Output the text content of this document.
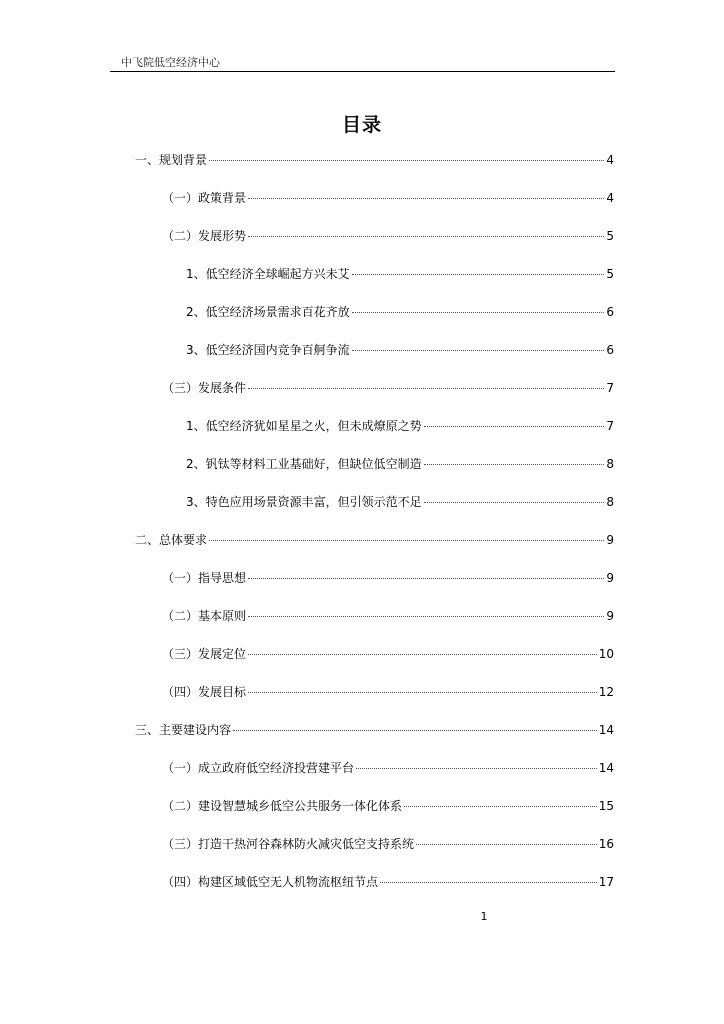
中飞院低空经济中心
目录
一、规划背景	4
（一）政策背景	4
（二）发展形势	5
1、低空经济全球崛起方兴未艾	5
2、低空经济场景需求百花齐放	6
3、低空经济国内竞争百舸争流	6
（三）发展条件	7
1、低空经济犹如星星之火，但未成燎原之势	7
2、钒钛等材料工业基础好，但缺位低空制造	8
3、特色应用场景资源丰富，但引领示范不足	8
二、总体要求	9
（一）指导思想	9
（二）基本原则	9
（三）发展定位	10
（四）发展目标	12
三、主要建设内容	14
（一）成立政府低空经济投营建平台	14
（二）建设智慧城乡低空公共服务一体化体系	15
（三）打造干热河谷森林防火减灾低空支持系统	16
（四）构建区域低空无人机物流枢纽节点	17
1
